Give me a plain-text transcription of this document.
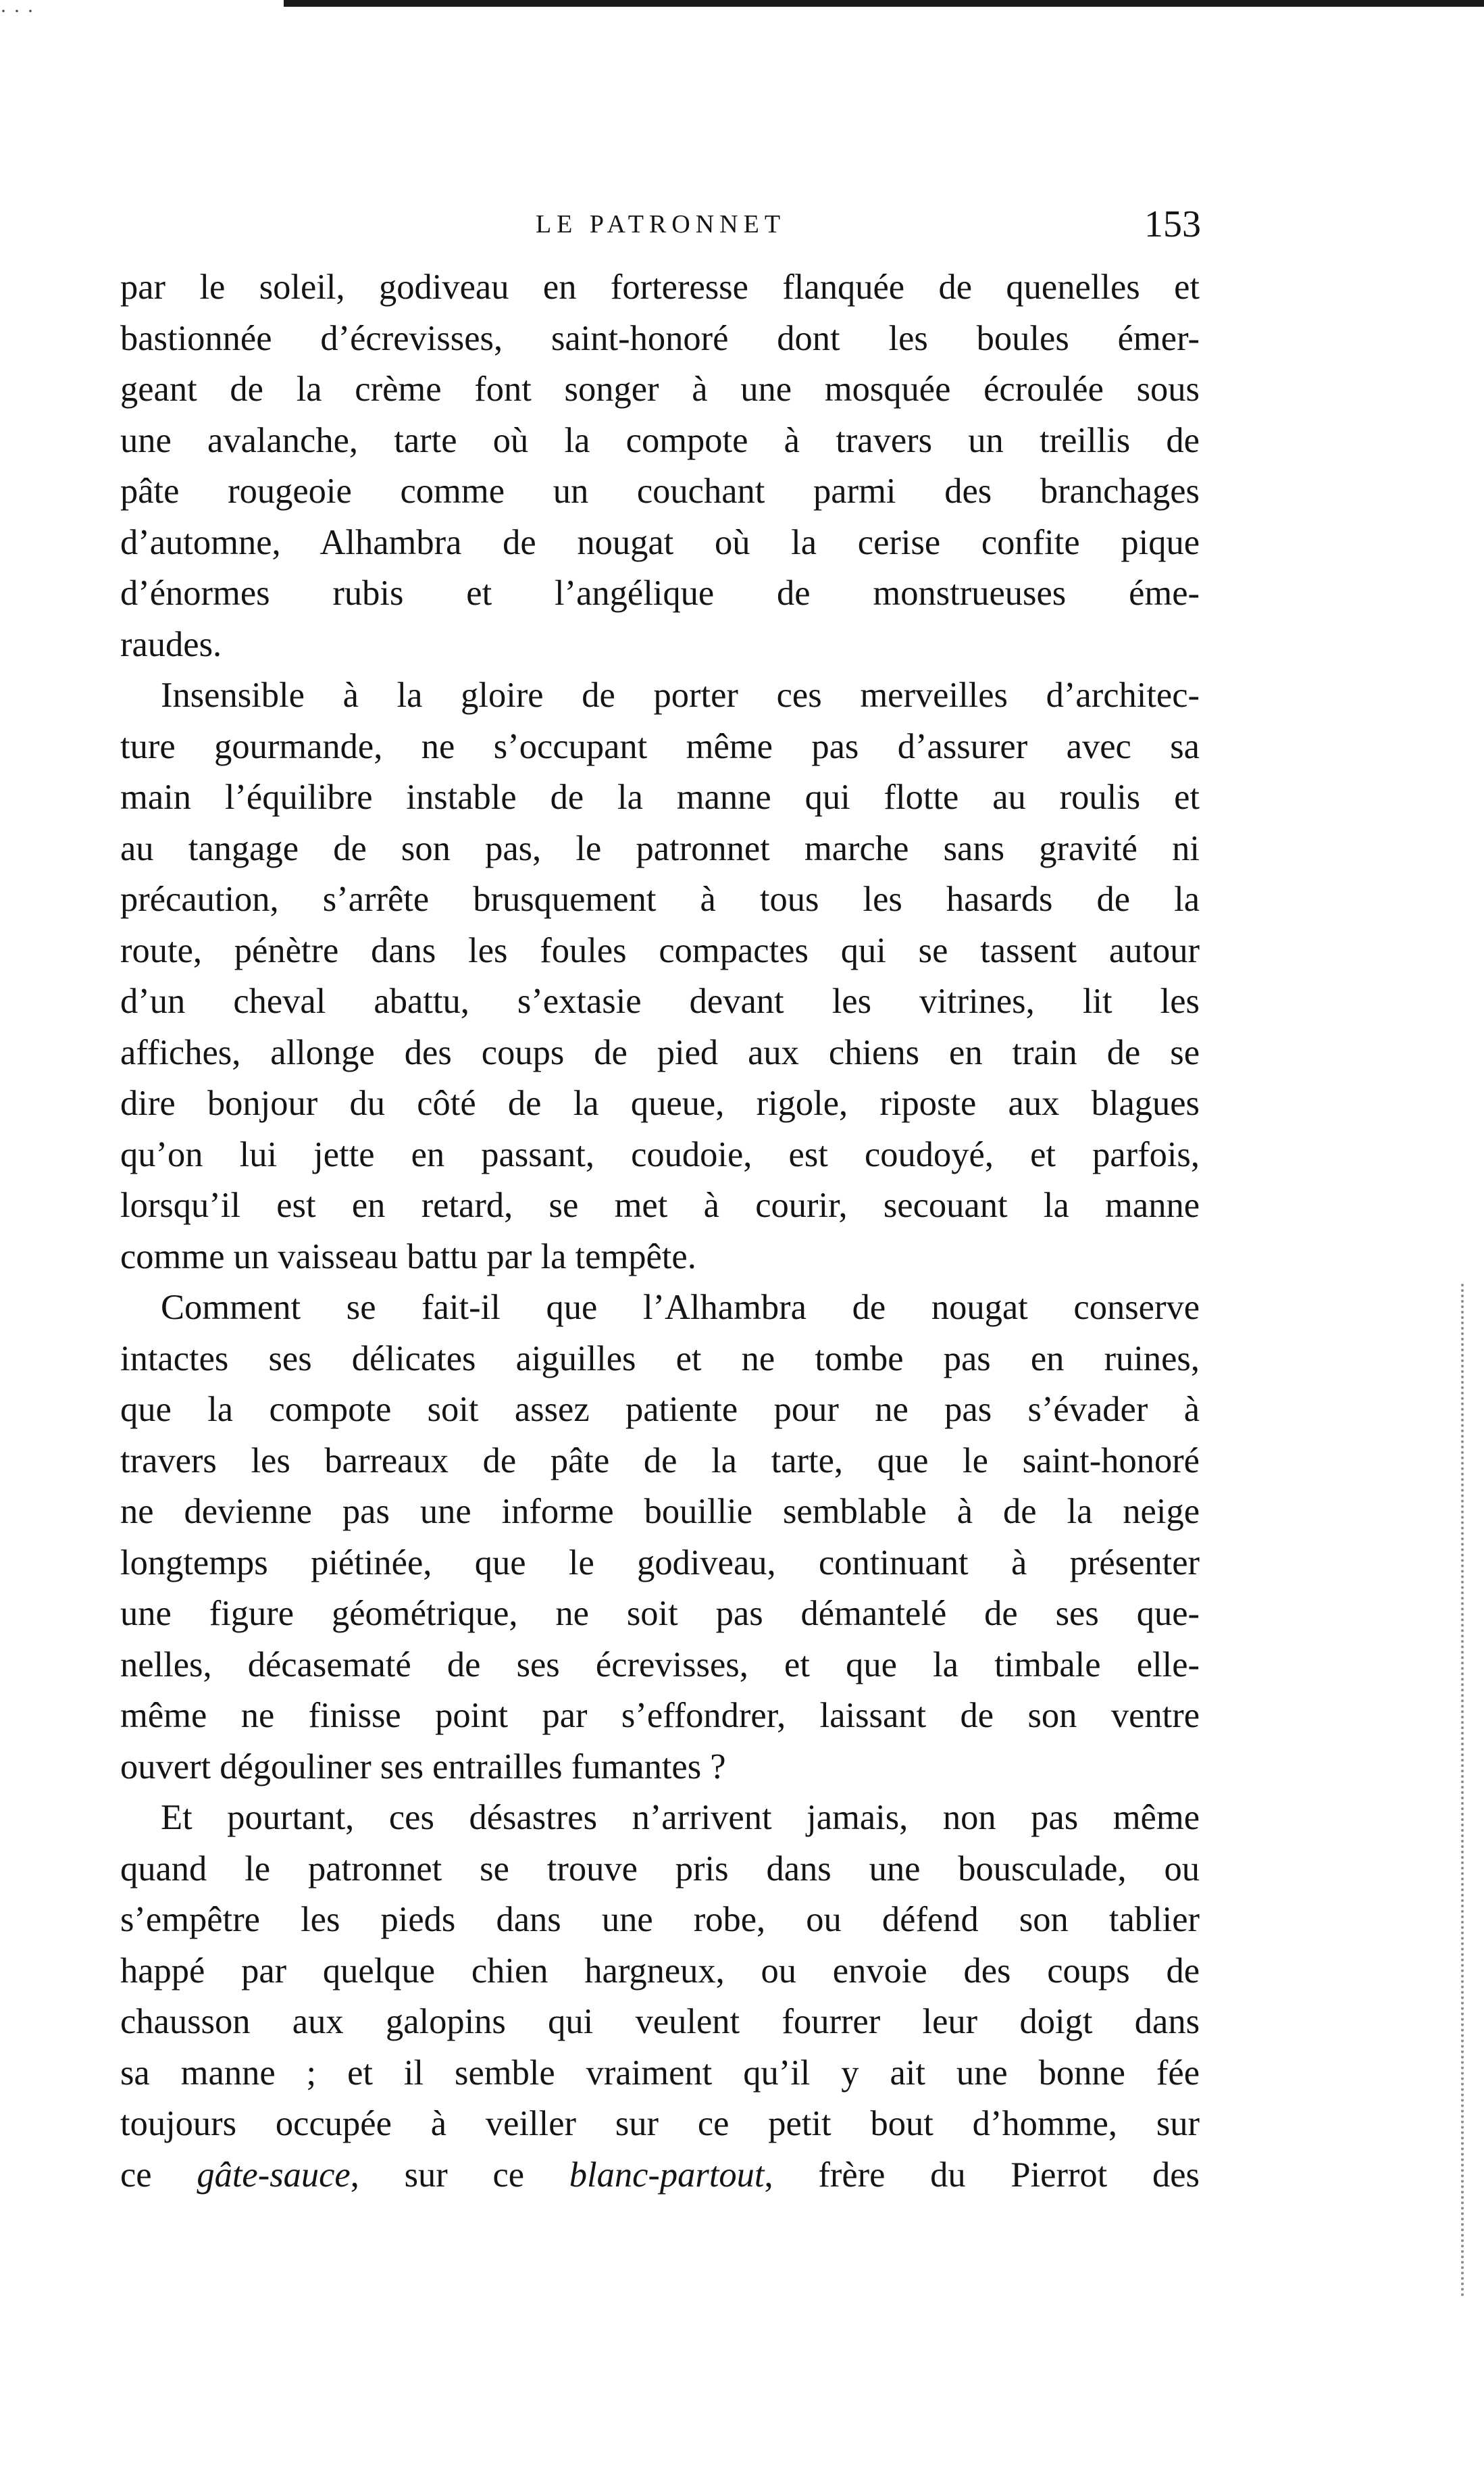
···
LE PATRONNET	153
par le soleil, godiveau en forteresse flanquée de quenelles et
bastionnée d’écrevisses, saint-honoré dont les boules émer-
geant de la crème font songer à une mosquée écroulée sous
une avalanche, tarte où la compote à travers un treillis de
pâte rougeoie comme un couchant parmi des branchages
d’automne, Alhambra de nougat où la cerise confite pique
d’énormes rubis et l’angélique de monstrueuses éme-
raudes.
Insensible à la gloire de porter ces merveilles d’architec-
ture gourmande, ne s’occupant même pas d’assurer avec sa
main l’équilibre instable de la manne qui flotte au roulis et
au tangage de son pas, le patronnet marche sans gravité ni
précaution, s’arrête brusquement à tous les hasards de la
route, pénètre dans les foules compactes qui se tassent autour
d’un cheval abattu, s’extasie devant les vitrines, lit les
affiches, allonge des coups de pied aux chiens en train de se
dire bonjour du côté de la queue, rigole, riposte aux blagues
qu’on lui jette en passant, coudoie, est coudoyé, et parfois,
lorsqu’il est en retard, se met à courir, secouant la manne
comme un vaisseau battu par la tempête.
Comment se fait-il que l’Alhambra de nougat conserve
intactes ses délicates aiguilles et ne tombe pas en ruines,
que la compote soit assez patiente pour ne pas s’évader à
travers les barreaux de pâte de la tarte, que le saint-honoré
ne devienne pas une informe bouillie semblable à de la neige
longtemps piétinée, que le godiveau, continuant à présenter
une figure géométrique, ne soit pas démantelé de ses que-
nelles, décasematé de ses écrevisses, et que la timbale elle-
même ne finisse point par s’effondrer, laissant de son ventre
ouvert dégouliner ses entrailles fumantes ?
Et pourtant, ces désastres n’arrivent jamais, non pas même
quand le patronnet se trouve pris dans une bousculade, ou
s’empêtre les pieds dans une robe, ou défend son tablier
happé par quelque chien hargneux, ou envoie des coups de
chausson aux galopins qui veulent fourrer leur doigt dans
sa manne ; et il semble vraiment qu’il y ait une bonne fée
toujours occupée à veiller sur ce petit bout d’homme, sur
ce gâte-sauce, sur ce blanc-partout, frère du Pierrot des
